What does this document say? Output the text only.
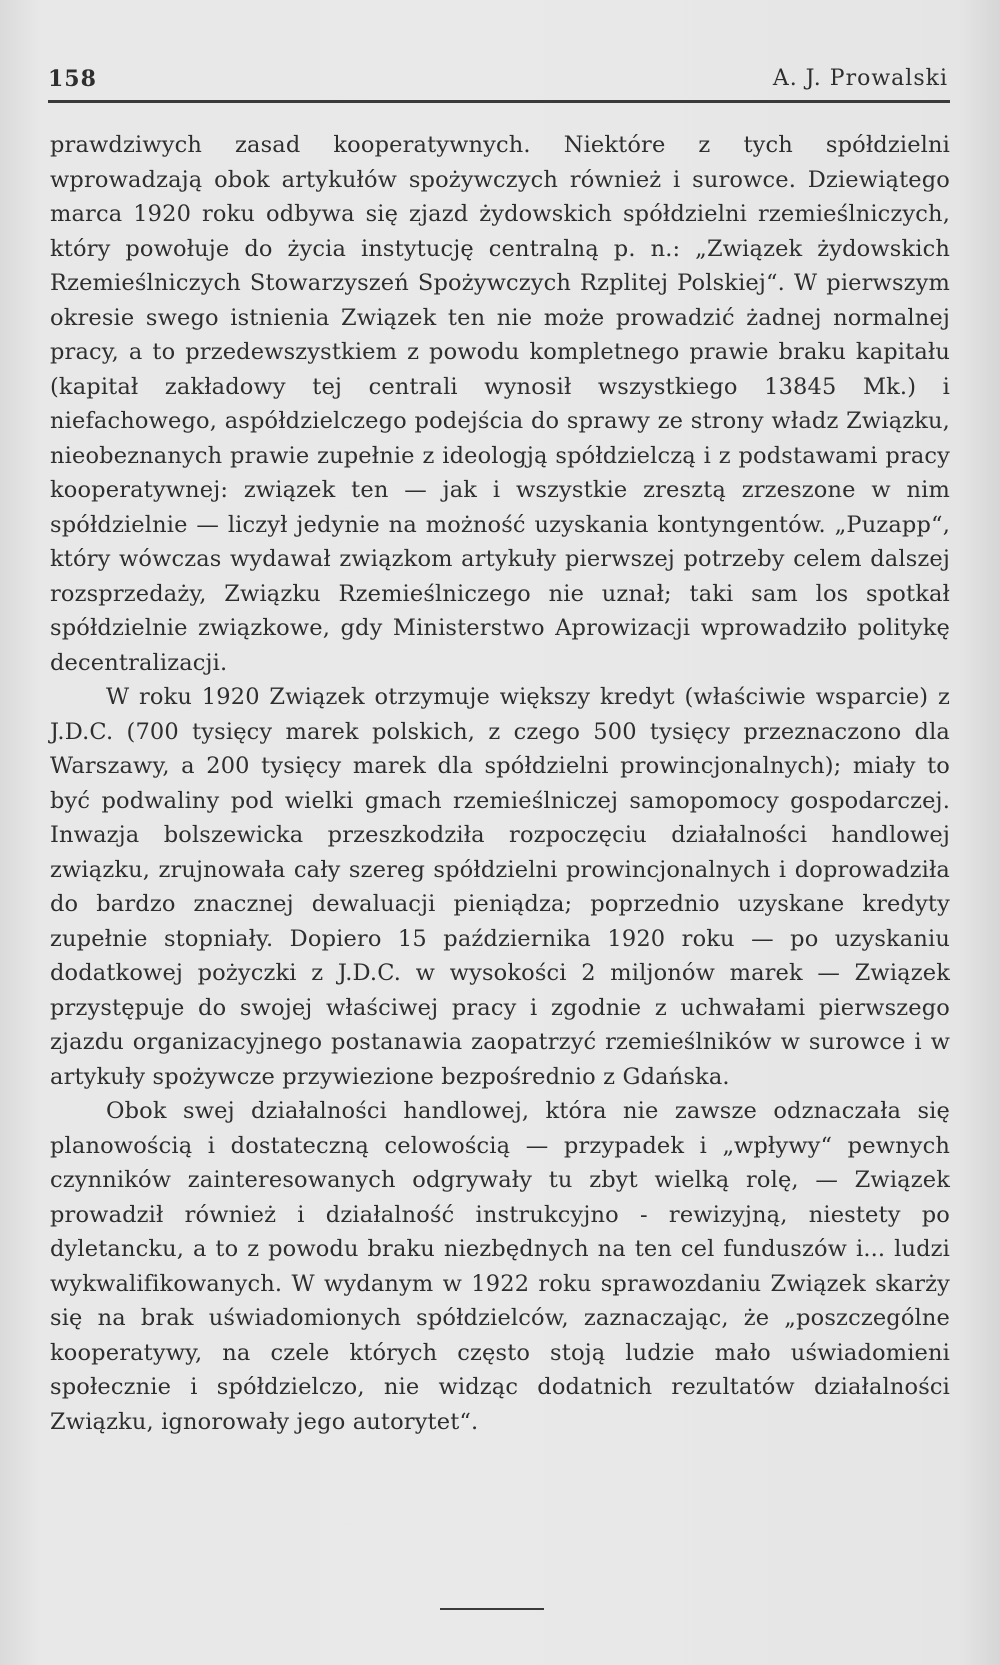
158	A. J. Prowalski

prawdziwych zasad kooperatywnych. Niektóre z tych spółdzielni wprowadzają obok artykułów spożywczych również i surowce. Dziewiątego marca 1920 roku odbywa się zjazd żydowskich spółdzielni rzemieślniczych, który powołuje do życia instytucję centralną p. n.: „Związek żydowskich Rzemieślniczych Stowarzyszeń Spożywczych Rzplitej Polskiej“. W pierwszym okresie swego istnienia Związek ten nie może prowadzić żadnej normalnej pracy, a to przedewszystkiem z powodu kompletnego prawie braku kapitału (kapitał zakładowy tej centrali wynosił wszystkiego 13845 Mk.) i niefachowego, aspółdzielczego podejścia do sprawy ze strony władz Związku, nieobeznanych prawie zupełnie z ideologją spółdzielczą i z podstawami pracy kooperatywnej: związek ten — jak i wszystkie zresztą zrzeszone w nim spółdzielnie — liczył jedynie na możność uzyskania kontyngentów. „Puzapp“, który wówczas wydawał związkom artykuły pierwszej potrzeby celem dalszej rozsprzedaży, Związku Rzemieślniczego nie uznał; taki sam los spotkał spółdzielnie związkowe, gdy Ministerstwo Aprowizacji wprowadziło politykę decentralizacji.

W roku 1920 Związek otrzymuje większy kredyt (właściwie wsparcie) z J.D.C. (700 tysięcy marek polskich, z czego 500 tysięcy przeznaczono dla Warszawy, a 200 tysięcy marek dla spółdzielni prowincjonalnych); miały to być podwaliny pod wielki gmach rzemieślniczej samopomocy gospodarczej. Inwazja bolszewicka przeszkodziła rozpoczęciu działalności handlowej związku, zrujnowała cały szereg spółdzielni prowincjonalnych i doprowadziła do bardzo znacznej dewaluacji pieniądza; poprzednio uzyskane kredyty zupełnie stopniały. Dopiero 15 października 1920 roku — po uzyskaniu dodatkowej pożyczki z J.D.C. w wysokości 2 miljonów marek — Związek przystępuje do swojej właściwej pracy i zgodnie z uchwałami pierwszego zjazdu organizacyjnego postanawia zaopatrzyć rzemieślników w surowce i w artykuły spożywcze przywiezione bezpośrednio z Gdańska.

Obok swej działalności handlowej, która nie zawsze odznaczała się planowością i dostateczną celowością — przypadek i „wpływy“ pewnych czynników zainteresowanych odgrywały tu zbyt wielką rolę, — Związek prowadził również i działalność instrukcyjno - rewizyjną, niestety po dyletancku, a to z powodu braku niezbędnych na ten cel funduszów i... ludzi wykwalifikowanych. W wydanym w 1922 roku sprawozdaniu Związek skarży się na brak uświadomionych spółdzielców, zaznaczając, że „poszczególne kooperatywy, na czele których często stoją ludzie mało uświadomieni społecznie i spółdzielczo, nie widząc dodatnich rezultatów działalności Związku, ignorowały jego autorytet“.
